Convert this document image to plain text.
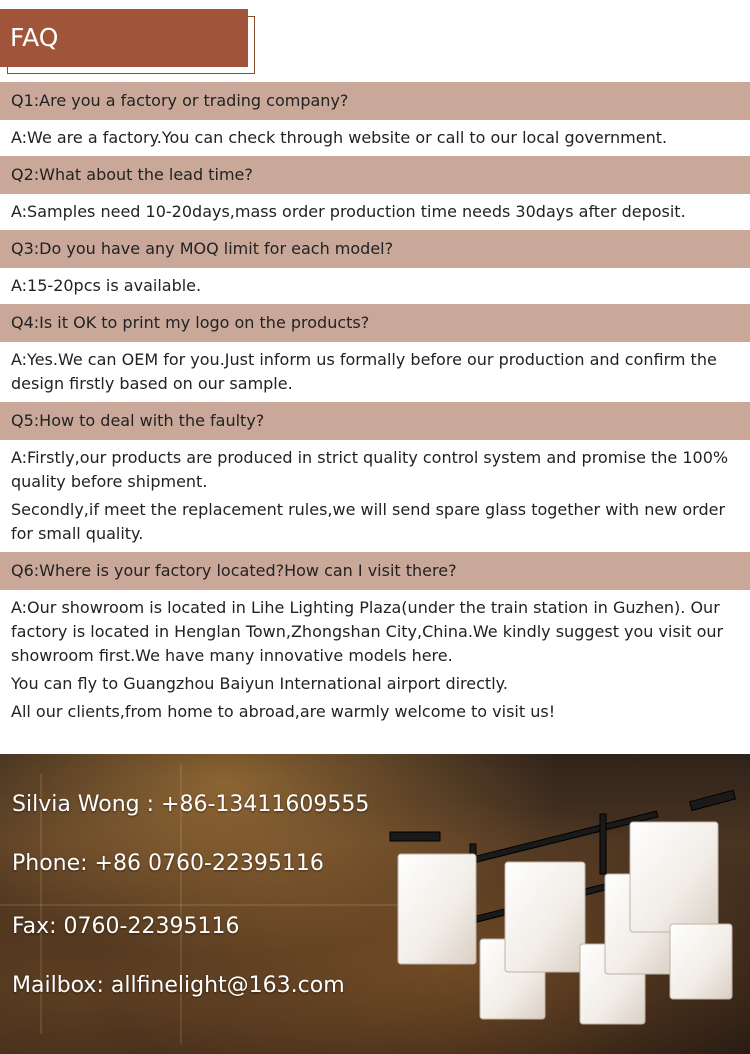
FAQ
Q1:Are you a factory or trading company?

A:We are a factory.You can check through website or call to our local government.

Q2:What about the lead time?

A:Samples need 10-20days,mass order production time needs 30days after deposit.

Q3:Do you have any MOQ limit for each model?

A:15-20pcs is available.

Q4:Is it OK to print my logo on the products?

A:Yes.We can OEM for you.Just inform us formally before our production and confirm the design firstly based on our sample.

Q5:How to deal with the faulty?

A:Firstly,our products are produced in strict quality control system and promise the 100% quality before shipment.

Secondly,if meet the replacement rules,we will send spare glass together with new order for small quality.

Q6:Where is your factory located?How can I visit there?

A:Our showroom is located in Lihe Lighting Plaza(under the train station in Guzhen). Our factory is located in Henglan Town,Zhongshan City,China.We kindly suggest you visit our showroom first.We have many innovative models here.

You can fly to Guangzhou Baiyun International airport directly.

All our clients,from home to abroad,are warmly welcome to visit us!

Silvia Wong : +86-13411609555
Phone: +86 0760-22395116
Fax: 0760-22395116
Mailbox: allfinelight@163.com
